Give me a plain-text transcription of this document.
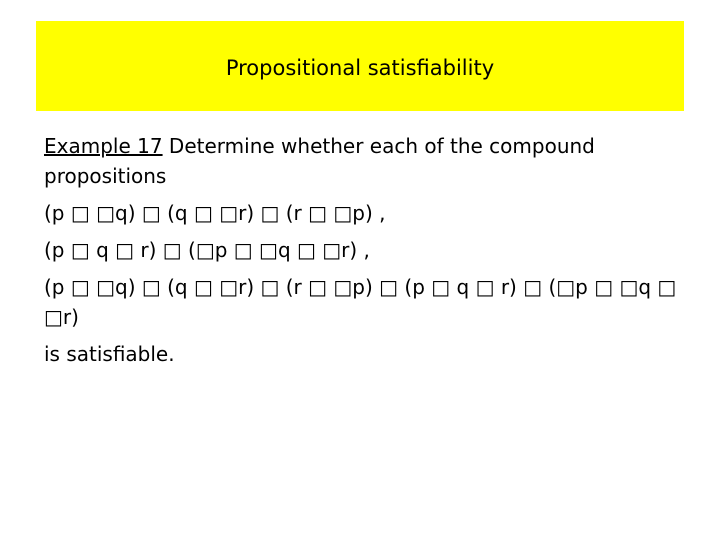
Propositional satisfiability

Example 17 Determine whether each of the compound propositions

(p □ □q) □ (q □ □r) □ (r □ □p) ,

(p □ q □ r) □ (□p □ □q □ □r) ,

(p □ □q) □ (q □ □r) □ (r □ □p) □ (p □ q □ r) □ (□p □ □q □ □r)

is satisfiable.
